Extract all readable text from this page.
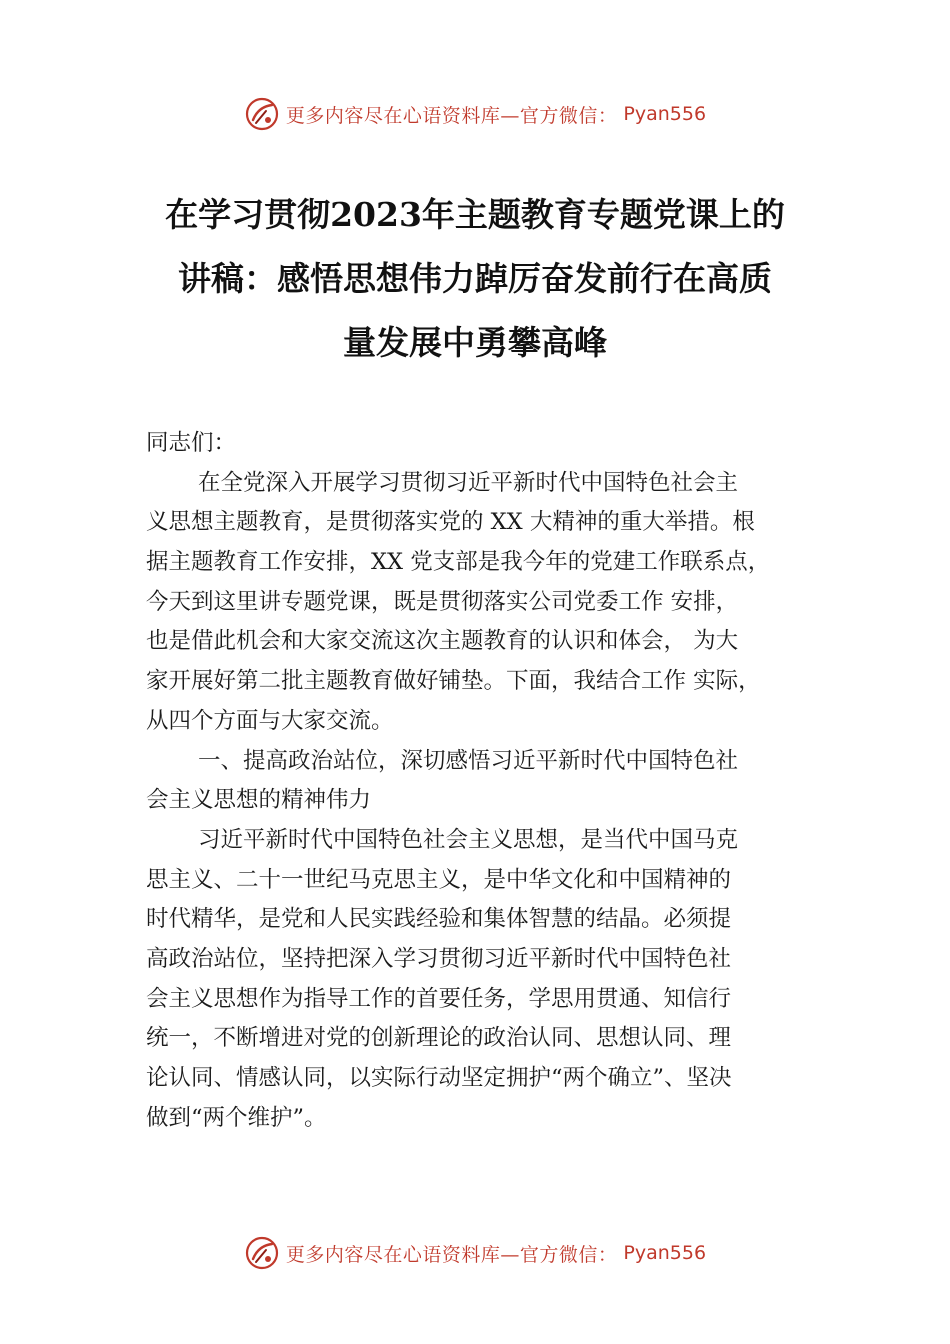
更多内容尽在心语资料库—官方微信： Pyan556
在学习贯彻2023年主题教育专题党课上的
讲稿：感悟思想伟力踔厉奋发前行在高质
量发展中勇攀高峰
同志们：
在全党深入开展学习贯彻习近平新时代中国特色社会主
义思想主题教育，是贯彻落实党的 XX 大精神的重大举措。根
据主题教育工作安排，XX 党支部是我今年的党建工作联系点，
今天到这里讲专题党课，既是贯彻落实公司党委工作 安排，
也是借此机会和大家交流这次主题教育的认识和体会， 为大
家开展好第二批主题教育做好铺垫。下面，我结合工作 实际，
从四个方面与大家交流。
一、提高政治站位，深切感悟习近平新时代中国特色社
会主义思想的精神伟力
习近平新时代中国特色社会主义思想，是当代中国马克
思主义、二十一世纪马克思主义，是中华文化和中国精神的
时代精华，是党和人民实践经验和集体智慧的结晶。必须提
高政治站位，坚持把深入学习贯彻习近平新时代中国特色社
会主义思想作为指导工作的首要任务，学思用贯通、知信行
统一，不断增进对党的创新理论的政治认同、思想认同、理
论认同、情感认同，以实际行动坚定拥护“两个确立”、坚决
做到“两个维护”。
更多内容尽在心语资料库—官方微信： Pyan556
